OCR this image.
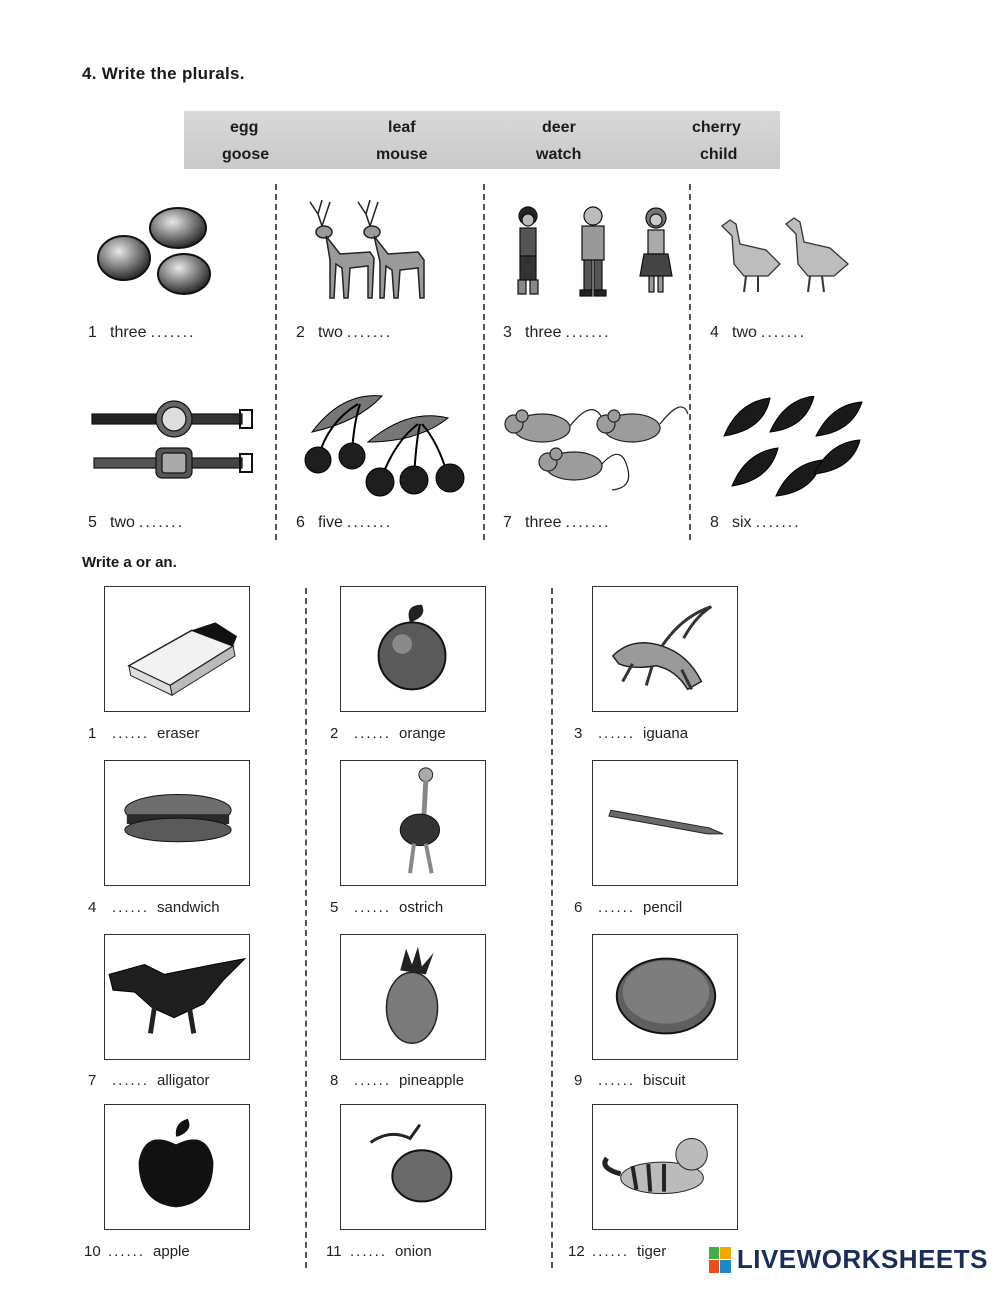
4. Write the plurals.
egg	leaf	deer	cherry
goose	mouse	watch	child
1 three .......	2 two .......	3 three .......	4 two .......
5 two .......	6 five .......	7 three .......	8 six .......
Write a or an.
1 ...... eraser	2 ...... orange	3 ...... iguana
4 ...... sandwich	5 ...... ostrich	6 ...... pencil
7 ...... alligator	8 ...... pineapple	9 ...... biscuit
10 ...... apple	11 ...... onion	12 ...... tiger	LIVEWORKSHEETS
